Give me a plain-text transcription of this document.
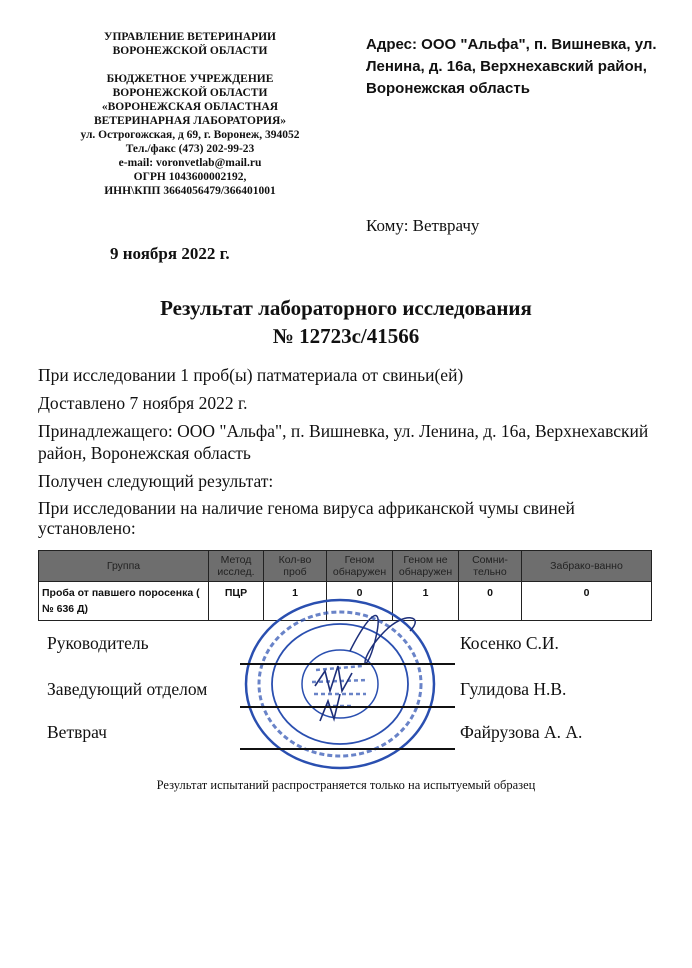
УПРАВЛЕНИЕ ВЕТЕРИНАРИИ
ВОРОНЕЖСКОЙ ОБЛАСТИ
БЮДЖЕТНОЕ УЧРЕЖДЕНИЕ
ВОРОНЕЖСКОЙ ОБЛАСТИ
«ВОРОНЕЖСКАЯ ОБЛАСТНАЯ
ВЕТЕРИНАРНАЯ ЛАБОРАТОРИЯ»
ул. Острогожская, д 69, г. Воронеж, 394052
Тел./факс (473) 202-99-23
e-mail: voronvetlab@mail.ru
ОГРН 1043600002192,
ИНН\КПП 3664056479/366401001
Адрес: ООО "Альфа", п. Вишневка, ул. Ленина, д. 16а, Верхнехавский район, Воронежская область
Кому: Ветврачу
9 ноября 2022 г.
Результат лабораторного исследования
№ 12723с/41566

При исследовании 1 проб(ы) патматериала от свиньи(ей)

Доставлено 7 ноября 2022 г.

Принадлежащего: ООО "Альфа", п. Вишневка, ул. Ленина, д. 16а, Верхнехавский район, Воронежская область

Получен следующий результат:

При исследовании на наличие генома вируса африканской чумы свиней установлено:

Группа	Метод исслед.	Кол-во проб	Геном обнаружен	Геном не обнаружен	Сомни-тельно	Забрако-ванно
Проба от павшего поросенка ( № 636 Д)	ПЦР	1	0	1	0	0
Руководитель	Косенко С.И.
Заведующий отделом	Гулидова Н.В.
Ветврач	Файрузова А. А.
Результат испытаний распространяется только на испытуемый образец
